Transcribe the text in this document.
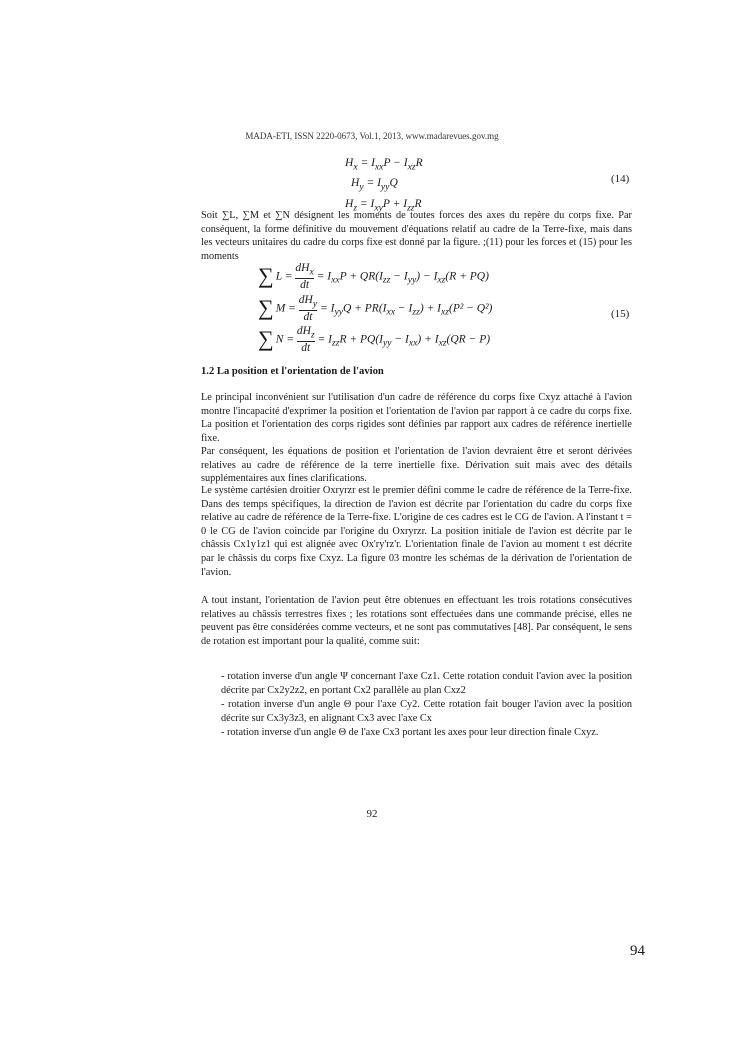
MADA-ETI, ISSN 2220-0673, Vol.1, 2013, www.madarevues.gov.mg
$H_x = I_{xx}P - I_{xz}R$
$H_y = I_{yy}Q$
$H_z = I_{xy}P + I_{zz}R$
(14)

Soit ∑L, ∑M et ∑N désignent les moments de toutes forces des axes du repère du corps fixe. Par conséquent, la forme définitive du mouvement d'équations relatif au cadre de la Terre-fixe, mais dans les vecteurs unitaires du cadre du corps fixe est donné par la figure. ;(11) pour les forces et (15) pour les moments

∑ L =
$dH_x$
dt
= $I_{xx}P + QR(I_{zz} - I_{yy}) - I_{xz}(R + PQ)$
∑ M =
$dH_y$
dt
= $I_{yy}Q + PR(I_{xx} - I_{zz}) + I_{xz}(P^2 - Q^2)$
∑ N =
$dH_z$
dt
= $I_{zz}R + PQ(I_{yy} - I_{xx}) + I_{xz}(QR - P)$
(15)
1.2 La position et l'orientation de l'avion

Le principal inconvénient sur l'utilisation d'un cadre de référence du corps fixe Cxyz attaché à l'avion montre l'incapacité d'exprimer la position et l'orientation de l'avion par rapport à ce cadre du corps fixe. La position et l'orientation des corps rigides sont définies par rapport aux cadres de référence inertielle fixe.

Par conséquent, les équations de position et l'orientation de l'avion devraient être et seront dérivées relatives au cadre de référence de la terre inertielle fixe. Dérivation suit mais avec des détails supplémentaires aux fines clarifications.

Le système cartésien droitier Oxryrzr est le premier défini comme le cadre de référence de la Terre-fixe. Dans des temps spécifiques, la direction de l'avion est décrite par l'orientation du cadre du corps fixe relative au cadre de référence de la Terre-fixe. L'origine de ces cadres est le CG de l'avion. A l'instant t = 0 le CG de l'avion coincide par l'origine du Oxryrzr. La position initiale de l'avion est décrite par le châssis Cx1y1z1 qui est alignée avec Ox'ry'rz'r. L'orientation finale de l'avion au moment t est décrite par le châssis du corps fixe Cxyz. La figure 03 montre les schémas de la dérivation de l'orientation de l'avion.

A tout instant, l'orientation de l'avion peut être obtenues en effectuant les trois rotations consécutives relatives au châssis terrestres fixes ; les rotations sont effectuées dans une commande précise, elles ne peuvent pas être considérées comme vecteurs, et ne sont pas commutatives [48]. Par conséquent, le sens de rotation est important pour la qualité, comme suit:

- rotation inverse d'un angle Ψ concernant l'axe Cz1. Cette rotation conduit l'avion avec la position décrite par Cx2y2z2, en portant Cx2 parallèle au plan Cxz2

- rotation inverse d'un angle Θ pour l'axe Cy2. Cette rotation fait bouger l'avion avec la position décrite sur Cx3y3z3, en alignant Cx3 avec l'axe Cx

- rotation inverse d'un angle Θ de l'axe Cx3 portant les axes pour leur direction finale Cxyz.

92
94
